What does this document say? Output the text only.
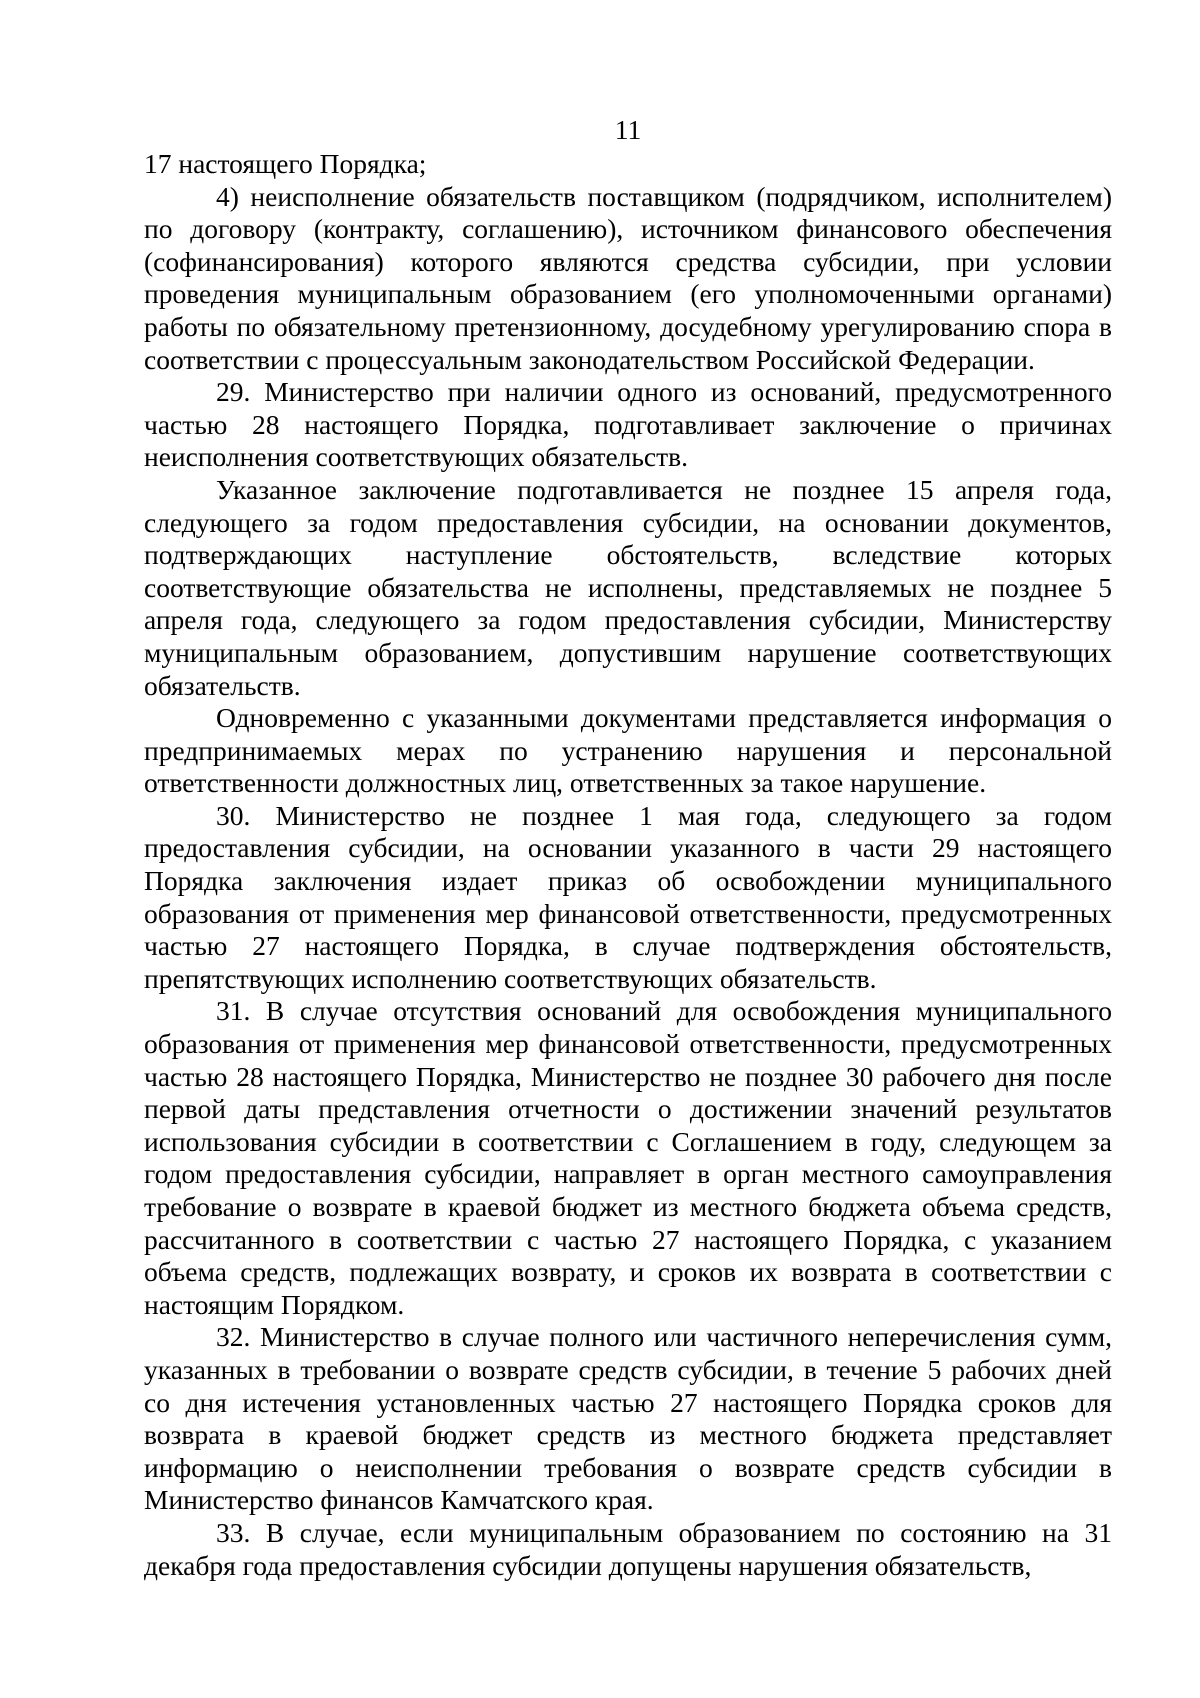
11

17 настоящего Порядка;

4) неисполнение обязательств поставщиком (подрядчиком, исполнителем) по договору (контракту, соглашению), источником финансового обеспечения (софинансирования) которого являются средства субсидии, при условии проведения муниципальным образованием (его уполномоченными органами) работы по обязательному претензионному, досудебному урегулированию спора в соответствии с процессуальным законодательством Российской Федерации.

29. Министерство при наличии одного из оснований, предусмотренного частью 28 настоящего Порядка, подготавливает заключение о причинах неисполнения соответствующих обязательств.

Указанное заключение подготавливается не позднее 15 апреля года, следующего за годом предоставления субсидии, на основании документов, подтверждающих наступление обстоятельств, вследствие которых соответствующие обязательства не исполнены, представляемых не позднее 5 апреля года, следующего за годом предоставления субсидии, Министерству муниципальным образованием, допустившим нарушение соответствующих обязательств.

Одновременно с указанными документами представляется информация о предпринимаемых мерах по устранению нарушения и персональной ответственности должностных лиц, ответственных за такое нарушение.

30. Министерство не позднее 1 мая года, следующего за годом предоставления субсидии, на основании указанного в части 29 настоящего Порядка заключения издает приказ об освобождении муниципального образования от применения мер финансовой ответственности, предусмотренных частью 27 настоящего Порядка, в случае подтверждения обстоятельств, препятствующих исполнению соответствующих обязательств.

31. В случае отсутствия оснований для освобождения муниципального образования от применения мер финансовой ответственности, предусмотренных частью 28 настоящего Порядка, Министерство не позднее 30 рабочего дня после первой даты представления отчетности о достижении значений результатов использования субсидии в соответствии с Соглашением в году, следующем за годом предоставления субсидии, направляет в орган местного самоуправления требование о возврате в краевой бюджет из местного бюджета объема средств, рассчитанного в соответствии с частью 27 настоящего Порядка, с указанием объема средств, подлежащих возврату, и сроков их возврата в соответствии с настоящим Порядком.

32. Министерство в случае полного или частичного неперечисления сумм, указанных в требовании о возврате средств субсидии, в течение 5 рабочих дней со дня истечения установленных частью 27 настоящего Порядка сроков для возврата в краевой бюджет средств из местного бюджета представляет информацию о неисполнении требования о возврате средств субсидии в Министерство финансов Камчатского края.

33. В случае, если муниципальным образованием по состоянию на 31 декабря года предоставления субсидии допущены нарушения обязательств,
